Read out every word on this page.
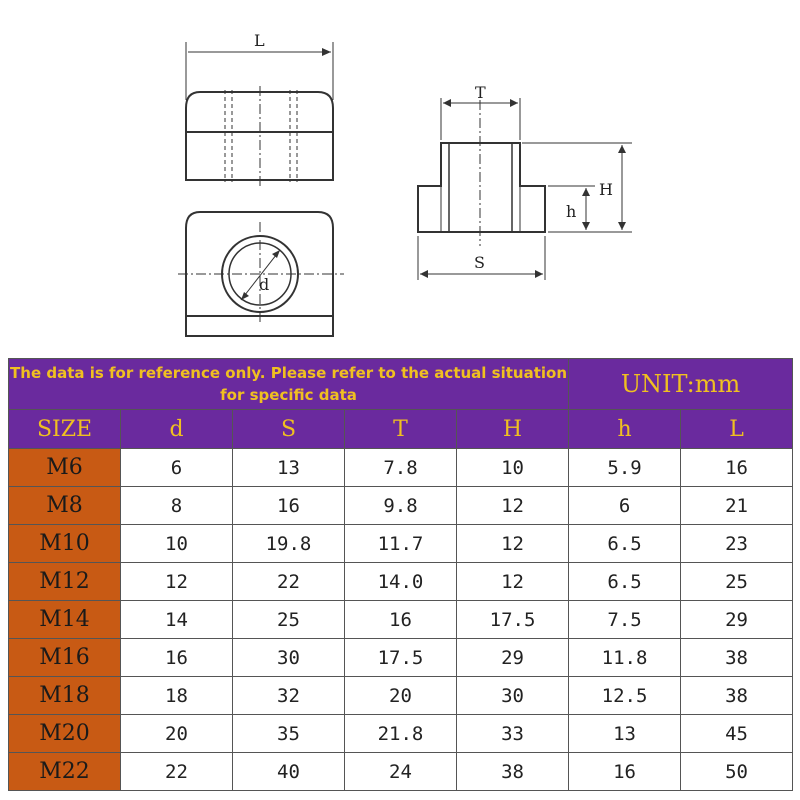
L
d
T
H
h
S
The data is for reference only. Please refer to the actual situation for specific data					UNIT:mm	
SIZE	d	S	T	H	h	L
M6	6	13	7.8	10	5.9	16
M8	8	16	9.8	12	6	21
M10	10	19.8	11.7	12	6.5	23
M12	12	22	14.0	12	6.5	25
M14	14	25	16	17.5	7.5	29
M16	16	30	17.5	29	11.8	38
M18	18	32	20	30	12.5	38
M20	20	35	21.8	33	13	45
M22	22	40	24	38	16	50
